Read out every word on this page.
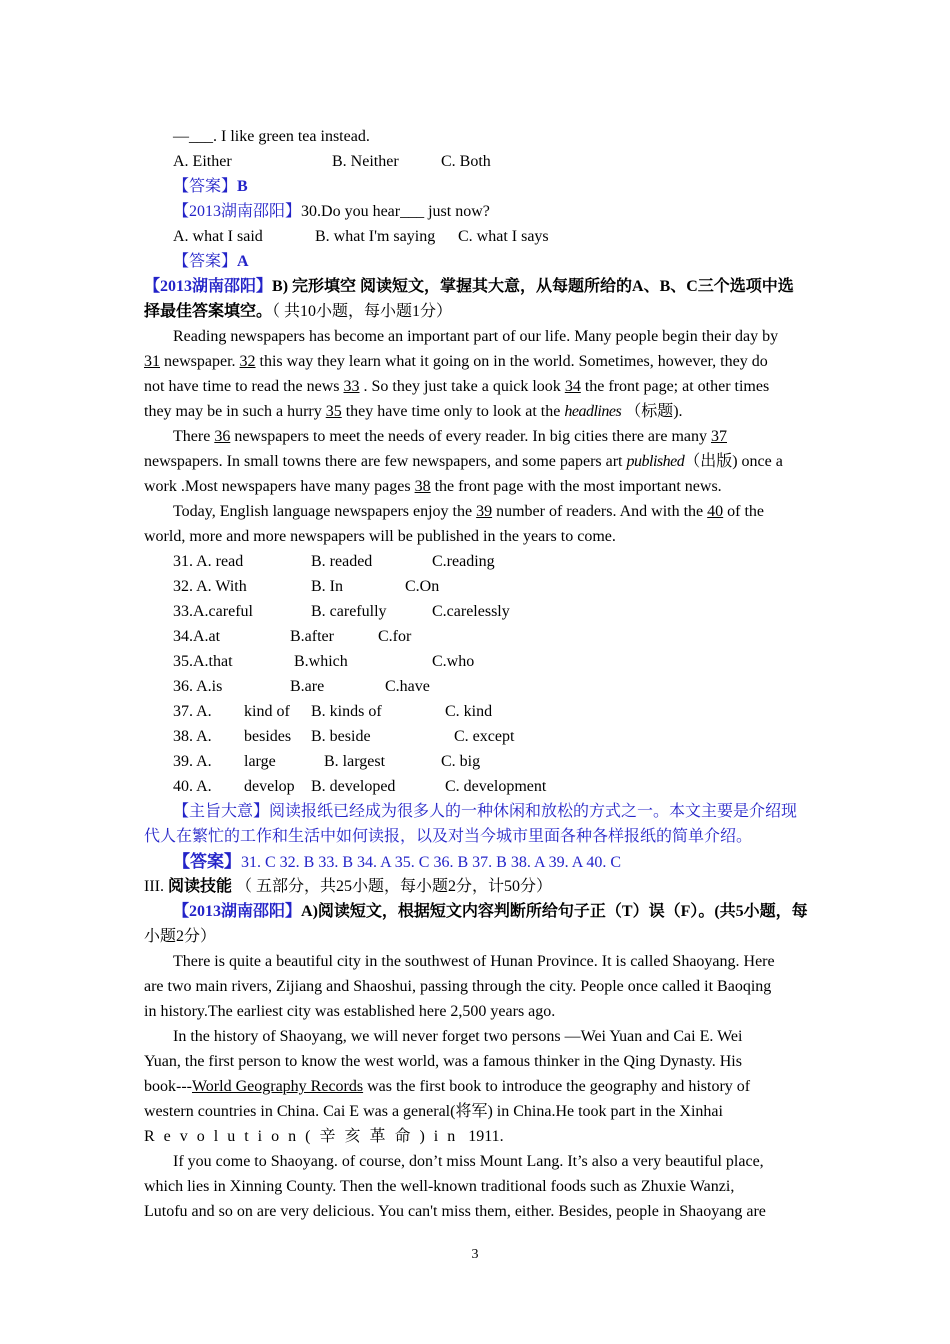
—___. I like green tea instead.
A. Either	B. Neither	C. Both
【答案】B
【2013湖南邵阳】30.Do you hear___ just now?
A. what I said	B. what I'm saying C. what I says
【答案】A
【2013湖南邵阳】B) 完形填空 阅读短文，掌握其大意，从每题所给的A、B、C三个选项中选
择最佳答案填空。（ 共10小题，每小题1分）
Reading newspapers has become an important part of our life. Many people begin their day by
31 newspaper. 32 this way they learn what it going on in the world. Sometimes, however, they do
not have time to read the news 33 . So they just take a quick look 34 the front page; at other times
they may be in such a hurry 35 they have time only to look at the headlines （标题).
There 36 newspapers to meet the needs of every reader. In big cities there are many 37
newspapers. In small towns there are few newspapers, and some papers art published（出版) once a
work .Most newspapers have many pages 38 the front page with the most important news.
Today, English language newspapers enjoy the 39 number of readers. And with the 40 of the
world, more and more newspapers will be published in the years to come.
31. A. read	B. readed	C.reading
32. A. With	B. In	C.On
33.A.careful	B. carefully	C.carelessly
34.A.at	B.after	C.for
35.A.that	B.which	C.who
36. A.is	B.are	C.have
37. A. kind of B. kinds of	C. kind
38. A. besides B. beside	C. except
39. A. large	B. largest	C. big
40. A. develop B. developed	C. development
【主旨大意】阅读报纸已经成为很多人的一种休闲和放松的方式之一。本文主要是介绍现
代人在繁忙的工作和生活中如何读报，以及对当今城市里面各种各样报纸的简单介绍。
【答案】31. C 32. B 33. B 34. A 35. C 36. B 37. B 38. A 39. A 40. C
III. 阅读技能 （ 五部分，共25小题，每小题2分，计50分）
【2013湖南邵阳】A)阅读短文，根据短文内容判断所给句子正（T）误（F）。(共5小题，每
小题2分）
There is quite a beautiful city in the southwest of Hunan Province. It is called Shaoyang. Here
are two main rivers, Zijiang and Shaoshui, passing through the city. People once called it Baoqing
in history.The earliest city was established here 2,500 years ago.
In the history of Shaoyang, we will never forget two persons —Wei Yuan and Cai E. Wei
Yuan, the first person to know the west world, was a famous thinker in the Qing Dynasty. His
book---World Geography Records was the first book to introduce the geography and history of
western countries in China. Cai E was a general(将军) in China.He took part in the Xinhai
Revolution(辛亥革命)in 1911.
If you come to Shaoyang. of course, don’t miss Mount Lang. It’s also a very beautiful place,
which lies in Xinning County. Then the well-known traditional foods such as Zhuxie Wanzi,
Lutofu and so on are very delicious. You can't miss them, either. Besides, people in Shaoyang are
3
